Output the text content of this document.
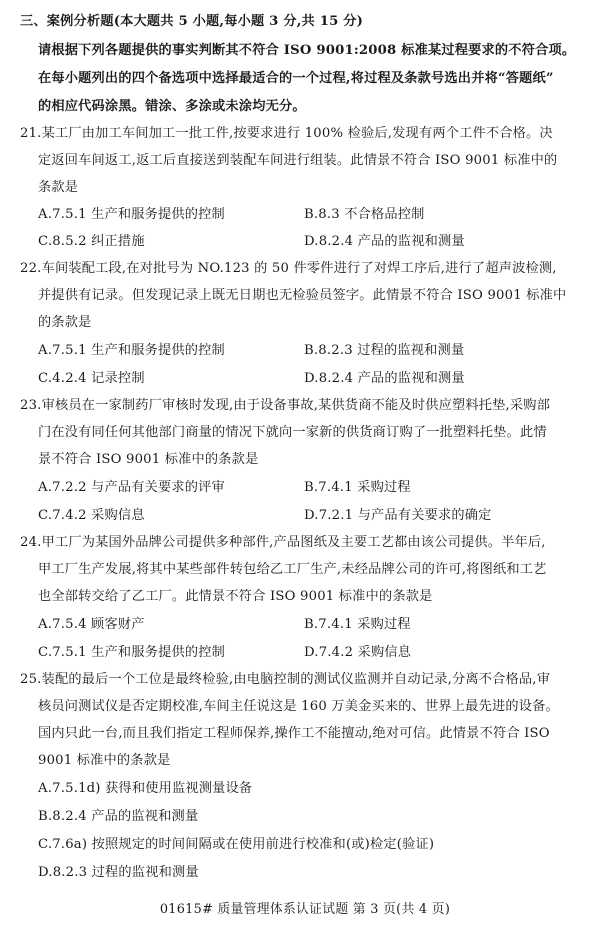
三、案例分析题(本大题共 5 小题,每小题 3 分,共 15 分)
请根据下列各题提供的事实判断其不符合 ISO 9001:2008 标准某过程要求的不符合项。
在每小题列出的四个备选项中选择最适合的一个过程,将过程及条款号选出并将“答题纸”
的相应代码涂黑。错涂、多涂或未涂均无分。
21.某工厂由加工车间加工一批工件,按要求进行 100% 检验后,发现有两个工件不合格。决
定返回车间返工,返工后直接送到装配车间进行组装。此情景不符合 ISO 9001 标准中的
条款是
A.7.5.1 生产和服务提供的控制	B.8.3 不合格品控制
C.8.5.2 纠正措施	D.8.2.4 产品的监视和测量
22.车间装配工段,在对批号为 NO.123 的 50 件零件进行了对焊工序后,进行了超声波检测,
并提供有记录。但发现记录上既无日期也无检验员签字。此情景不符合 ISO 9001 标准中
的条款是
A.7.5.1 生产和服务提供的控制	B.8.2.3 过程的监视和测量
C.4.2.4 记录控制	D.8.2.4 产品的监视和测量
23.审核员在一家制药厂审核时发现,由于设备事故,某供货商不能及时供应塑料托垫,采购部
门在没有同任何其他部门商量的情况下就向一家新的供货商订购了一批塑料托垫。此情
景不符合 ISO 9001 标准中的条款是
A.7.2.2 与产品有关要求的评审	B.7.4.1 采购过程
C.7.4.2 采购信息	D.7.2.1 与产品有关要求的确定
24.甲工厂为某国外品牌公司提供多种部件,产品图纸及主要工艺都由该公司提供。半年后,
甲工厂生产发展,将其中某些部件转包给乙工厂生产,未经品牌公司的许可,将图纸和工艺
也全部转交给了乙工厂。此情景不符合 ISO 9001 标准中的条款是
A.7.5.4 顾客财产	B.7.4.1 采购过程
C.7.5.1 生产和服务提供的控制	D.7.4.2 采购信息
25.装配的最后一个工位是最终检验,由电脑控制的测试仪监测并自动记录,分离不合格品,审
核员问测试仪是否定期校准,车间主任说这是 160 万美金买来的、世界上最先进的设备。
国内只此一台,而且我们指定工程师保养,操作工不能擅动,绝对可信。此情景不符合 ISO
9001 标准中的条款是
A.7.5.1d) 获得和使用监视测量设备
B.8.2.4 产品的监视和测量
C.7.6a) 按照规定的时间间隔或在使用前进行校准和(或)检定(验证)
D.8.2.3 过程的监视和测量
01615# 质量管理体系认证试题 第 3 页(共 4 页)
